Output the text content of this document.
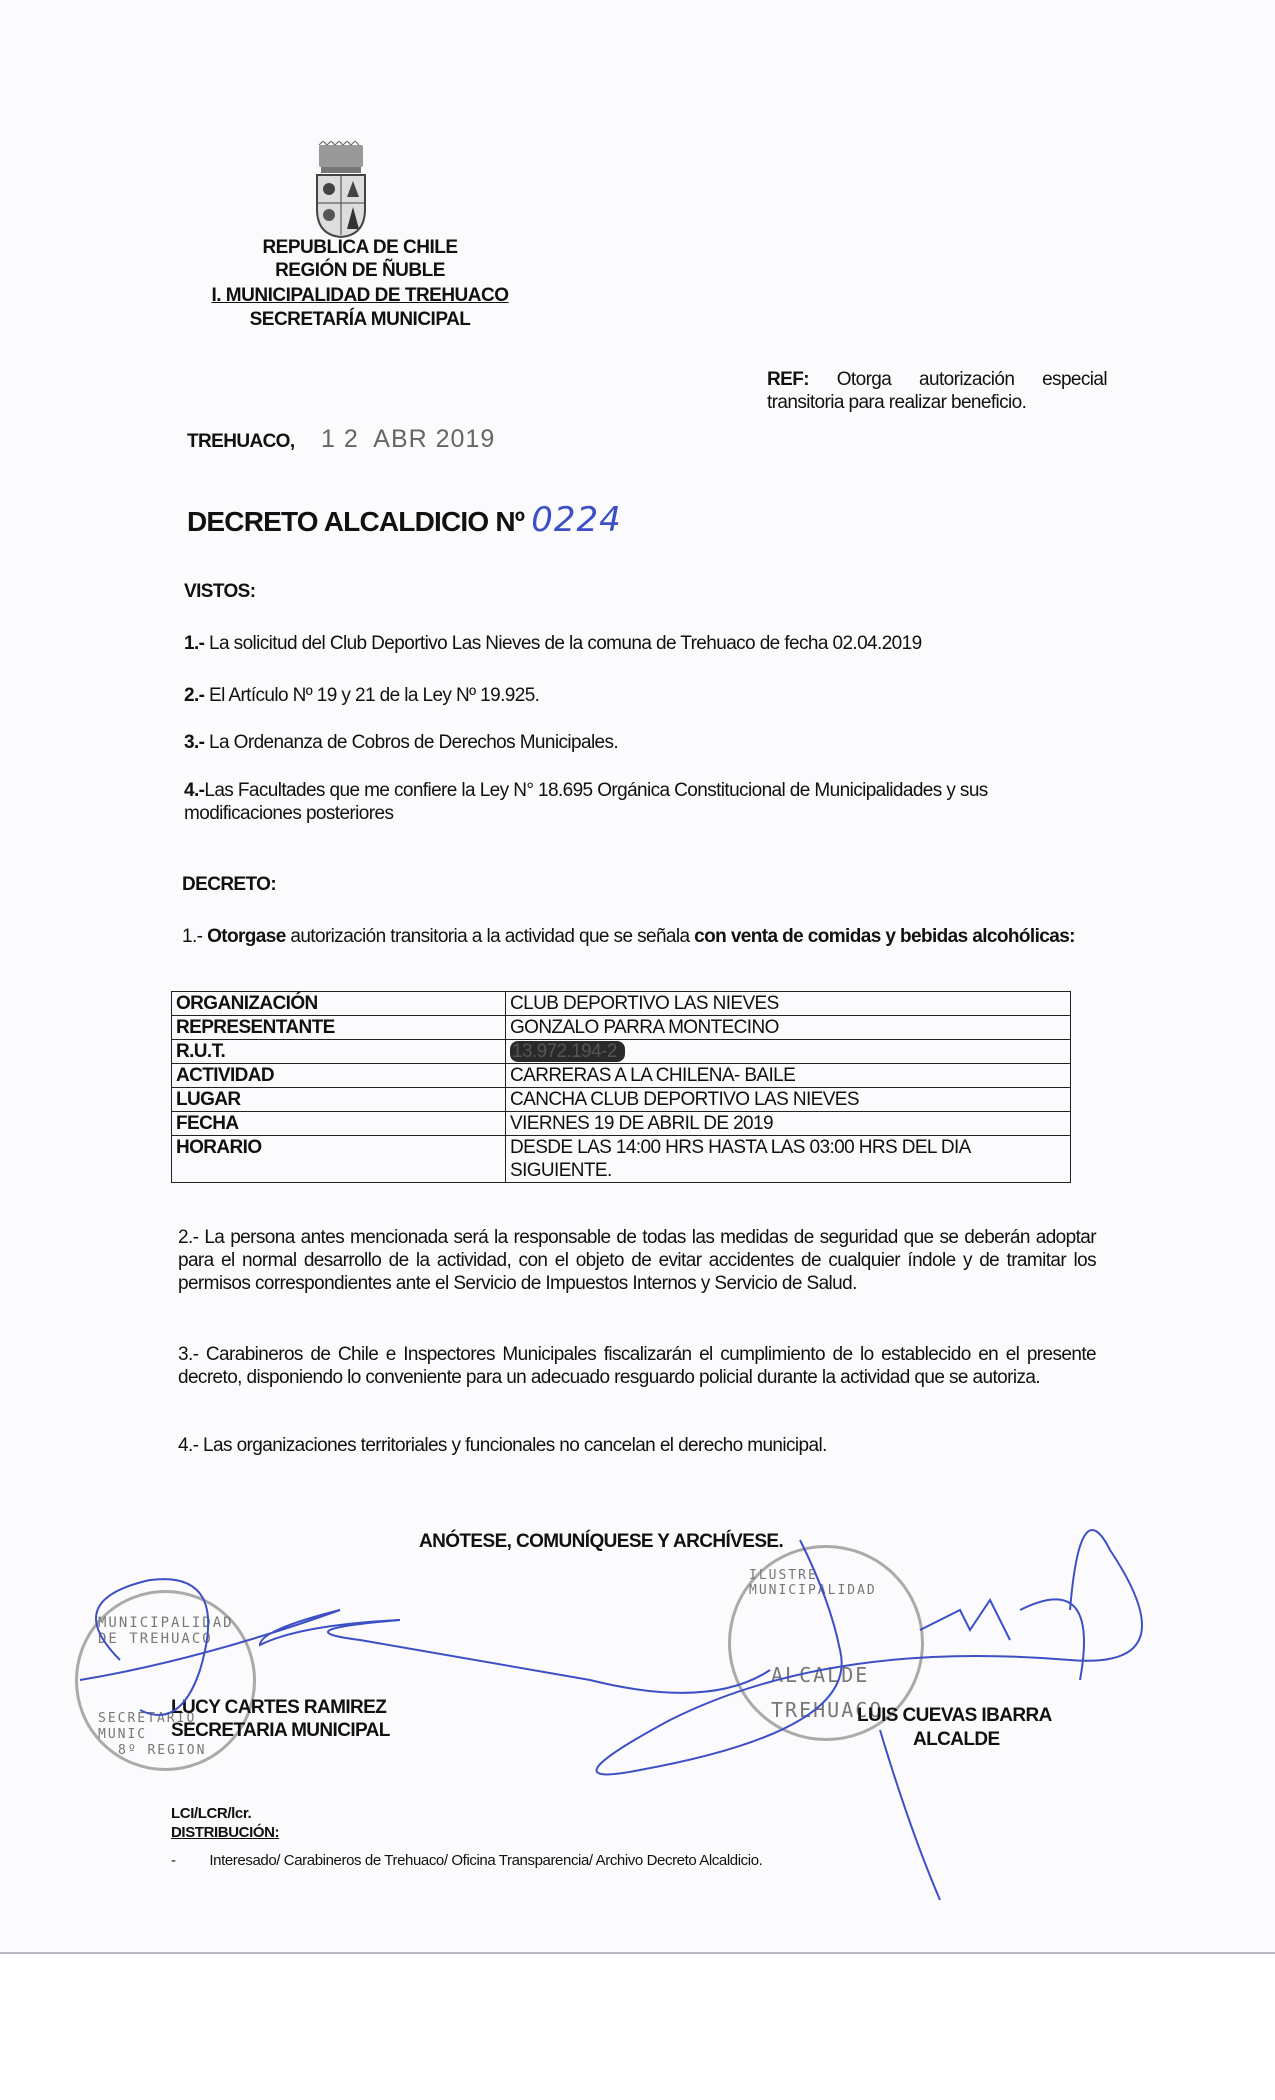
REPUBLICA DE CHILE
REGIÓN DE ÑUBLE
I. MUNICIPALIDAD DE TREHUACO
SECRETARÍA MUNICIPAL
REF: Otorga autorización especial transitoria para realizar beneficio.
TREHUACO, 1 2  ABR 2019
DECRETO ALCALDICIO Nº 0224
VISTOS:
1.- La solicitud del Club Deportivo Las Nieves de la comuna de Trehuaco de fecha 02.04.2019
2.- El Artículo Nº 19 y 21 de la Ley Nº 19.925.
3.- La Ordenanza de Cobros de Derechos Municipales.
4.-Las Facultades que me confiere la Ley N° 18.695 Orgánica Constitucional de Municipalidades y sus modificaciones posteriores
DECRETO:
1.- Otorgase autorización transitoria a la actividad que se señala con venta de comidas y bebidas alcohólicas:
ORGANIZACIÓN	CLUB DEPORTIVO LAS NIEVES
REPRESENTANTE	GONZALO PARRA MONTECINO
R.U.T.	13.972.194-2
ACTIVIDAD	CARRERAS A LA CHILENA- BAILE
LUGAR	CANCHA CLUB DEPORTIVO LAS NIEVES
FECHA	VIERNES 19 DE ABRIL DE 2019
HORARIO	DESDE LAS 14:00 HRS HASTA LAS 03:00 HRS DEL DIA SIGUIENTE.
2.- La persona antes mencionada será la responsable de todas las medidas de seguridad que se deberán adoptar para el normal desarrollo de la actividad, con el objeto de evitar accidentes de cualquier índole y de tramitar los permisos correspondientes ante el Servicio de Impuestos Internos y Servicio de Salud.
3.- Carabineros de Chile e Inspectores Municipales fiscalizarán el cumplimiento de lo establecido en el presente decreto, disponiendo lo conveniente para un adecuado resguardo policial durante la actividad que se autoriza.
4.- Las organizaciones territoriales y funcionales no cancelan el derecho municipal.
ANÓTESE, COMUNÍQUESE Y ARCHÍVESE.
MUNICIPALIDAD DE TREHUACO
SECRETARIO
MUNIC
8º REGION
ILUSTRE MUNICIPALIDAD
ALCALDE
TREHUACO
LUCY CARTES RAMIREZ
SECRETARIA MUNICIPAL
LUIS CUEVAS IBARRA
ALCALDE
LCI/LCR/lcr.
DISTRIBUCIÓN:
- Interesado/ Carabineros de Trehuaco/ Oficina Transparencia/ Archivo Decreto Alcaldicio.
